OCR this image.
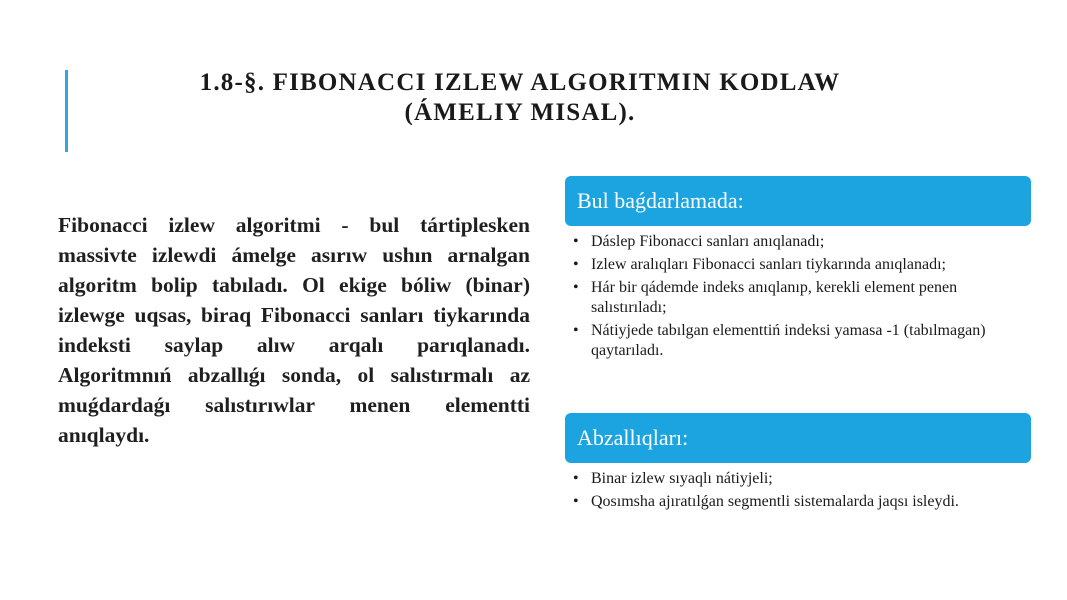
1.8-§. FIBONACCI IZLEW ALGORITMIN KODLAW
(ÁMELIY MISAL).
Fibonacci izlew algoritmi - bul tártiplesken massivte izlewdi ámelge asırıw ushın arnalgan algoritm bolip tabıladı. Ol ekige bóliw (binar) izlewge uqsas, biraq Fibonacci sanları tiykarında indeksti saylap alıw arqalı parıqlanadı. Algoritmnıń abzallıǵı sonda, ol salıstırmalı az muǵdardaǵı salıstırıwlar menen elementti anıqlaydı.
Bul baǵdarlamada:
• Dáslep Fibonacci sanları anıqlanadı;
• Izlew aralıqları Fibonacci sanları tiykarında anıqlanadı;
• Hár bir qádemde indeks anıqlanıp, kerekli element penen salıstırıladı;
• Nátiyjede tabılgan elementtiń indeksi yamasa -1 (tabılmagan) qaytarıladı.
Abzallıqları:
• Binar izlew sıyaqlı nátiyjeli;
• Qosımsha ajıratılǵan segmentli sistemalarda jaqsı isleydi.
